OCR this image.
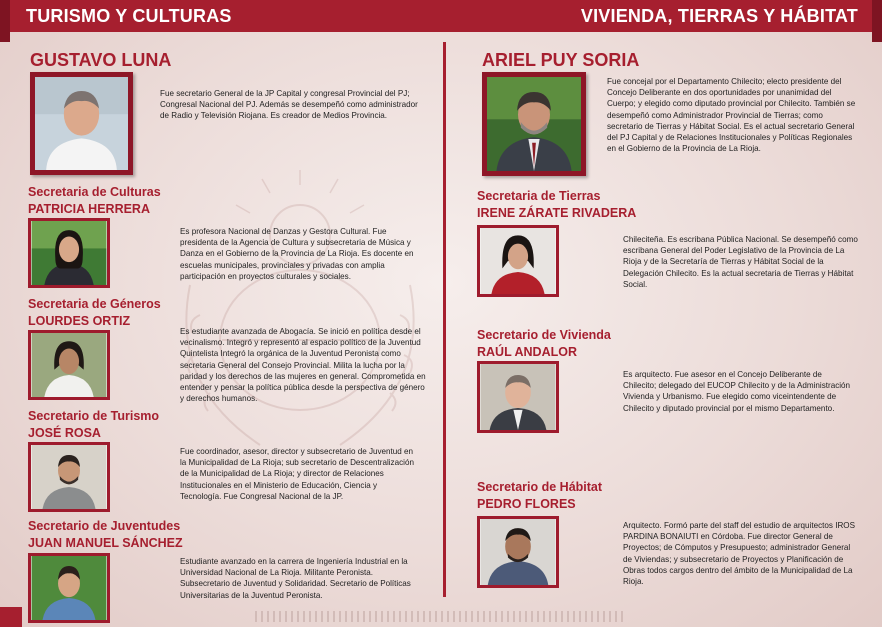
TURISMO Y CULTURAS	VIVIENDA, TIERRAS Y HÁBITAT
GUSTAVO LUNA
Fue secretario General de la JP Capital y congresal Provincial del PJ; Congresal Nacional del PJ. Además se desempeñó como administrador de Radio y Televisión Riojana. Es creador de Medios Provincia.
Secretaria de Culturas
PATRICIA HERRERA
Es profesora Nacional de Danzas y Gestora Cultural. Fue presidenta de la Agencia de Cultura y subsecretaria de Música y Danza en el Gobierno de la Provincia de La Rioja. Es docente en escuelas municipales, provinciales y privadas con amplia participación en proyectos culturales y sociales.
Secretaria de Géneros
LOURDES ORTIZ
Es estudiante avanzada de Abogacía. Se inició en política desde el vecinalismo. Integró y representó al espacio político de la Juventud Quintelista Integró la orgánica de la Juventud Peronista como secretaria General del Consejo Provincial. Milita la lucha por la paridad y los derechos de las mujeres en general. Comprometida en entender y pensar la política pública desde la perspectiva de género y derechos humanos.
Secretario de Turismo
JOSÉ ROSA
Fue coordinador, asesor, director y subsecretario de Juventud en la Municipalidad de La Rioja; sub secretario de Descentralización de la Municipalidad de La Rioja; y director de Relaciones Institucionales en el Ministerio de Educación, Ciencia y Tecnología. Fue Congresal Nacional de la JP.
Secretario de Juventudes
JUAN MANUEL SÁNCHEZ
Estudiante avanzado en la carrera de Ingeniería Industrial en la Universidad Nacional de La Rioja. Militante Peronista. Subsecretario de Juventud y Solidaridad. Secretario de Políticas Universitarias de la Juventud Peronista.
ARIEL PUY SORIA
Fue concejal por el Departamento Chilecito; electo presidente del Concejo Deliberante en dos oportunidades por unanimidad del Cuerpo; y elegido como diputado provincial por Chilecito. También se desempeñó como Administrador Provincial de Tierras; como secretario de Tierras y Hábitat Social. Es el actual secretario General del PJ Capital y de Relaciones Institucionales y Políticas Regionales en el Gobierno de la Provincia de La Rioja.
Secretaria de Tierras
IRENE ZÁRATE RIVADERA
Chileciteña. Es escribana Pública Nacional. Se desempeñó como escribana General del Poder Legislativo de la Provincia de La Rioja y de la Secretaría de Tierras y Hábitat Social de la Delegación Chilecito. Es la actual secretaria de Tierras y Hábitat Social.
Secretario de Vivienda
RAÚL ANDALOR
Es arquitecto. Fue asesor en el Concejo Deliberante de Chilecito; delegado del EUCOP Chilecito y de la Administración Vivienda y Urbanismo. Fue elegido como viceintendente de Chilecito y diputado provincial por el mismo Departamento.
Secretario de Hábitat
PEDRO FLORES
Arquitecto. Formó parte del staff del estudio de arquitectos IROS PARDINA BONAIUTI en Córdoba. Fue director General de Proyectos; de Cómputos y Presupuesto; administrador General de Viviendas; y subsecretario de Proyectos y Planificación de Obras todos cargos dentro del ámbito de la Municipalidad de La Rioja.
